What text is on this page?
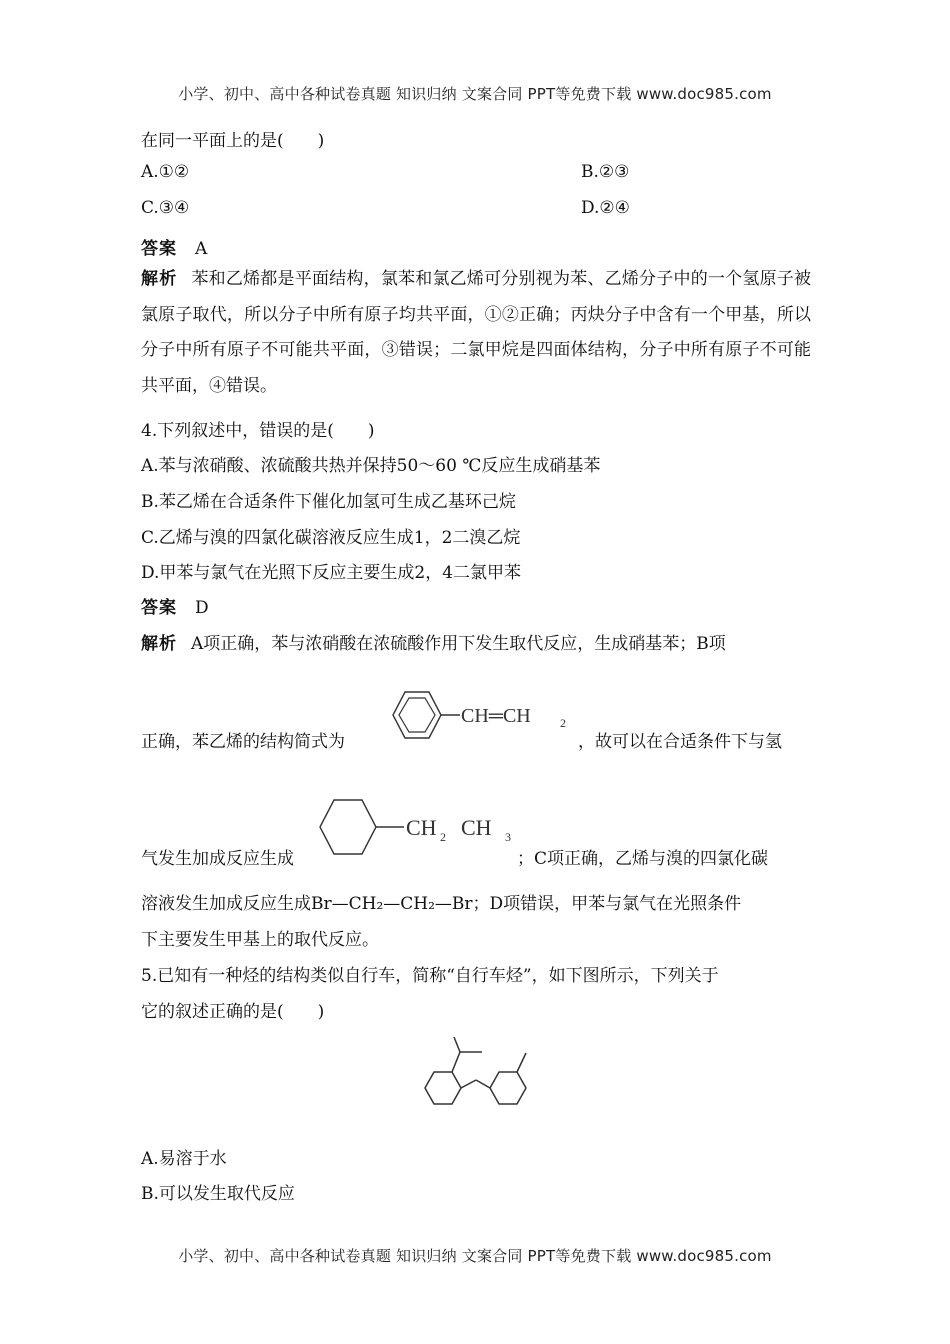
小学、初中、高中各种试卷真题 知识归纳 文案合同 PPT等免费下载 www.doc985.com
在同一平面上的是(　　)
A.①②	B.②③
C.③④	D.②④
答案 A
解析 苯和乙烯都是平面结构，氯苯和氯乙烯可分别视为苯、乙烯分子中的一个氢原子被氯原子取代，所以分子中所有原子均共平面，①②正确；丙炔分子中含有一个甲基，所以分子中所有原子不可能共平面，③错误；二氯甲烷是四面体结构，分子中所有原子不可能共平面，④错误。
4.下列叙述中，错误的是(　　)
A.苯与浓硝酸、浓硫酸共热并保持50～60 ℃反应生成硝基苯
B.苯乙烯在合适条件下催化加氢可生成乙基环己烷
C.乙烯与溴的四氯化碳溶液反应生成1，2二溴乙烷
D.甲苯与氯气在光照下反应主要生成2，4二氯甲苯
答案 D
解析 A项正确，苯与浓硝酸在浓硫酸作用下发生取代反应，生成硝基苯；B项
正确，苯乙烯的结构简式为
CH═CH 2
，故可以在合适条件下与氢
气发生加成反应生成
CH 2 CH 3
；C项正确，乙烯与溴的四氯化碳
溶液发生加成反应生成Br—CH₂—CH₂—Br；D项错误，甲苯与氯气在光照条件
下主要发生甲基上的取代反应。
5.已知有一种烃的结构类似自行车，简称“自行车烃”，如下图所示，下列关于
它的叙述正确的是(　　)
A.易溶于水
B.可以发生取代反应
小学、初中、高中各种试卷真题 知识归纳 文案合同 PPT等免费下载 www.doc985.com
